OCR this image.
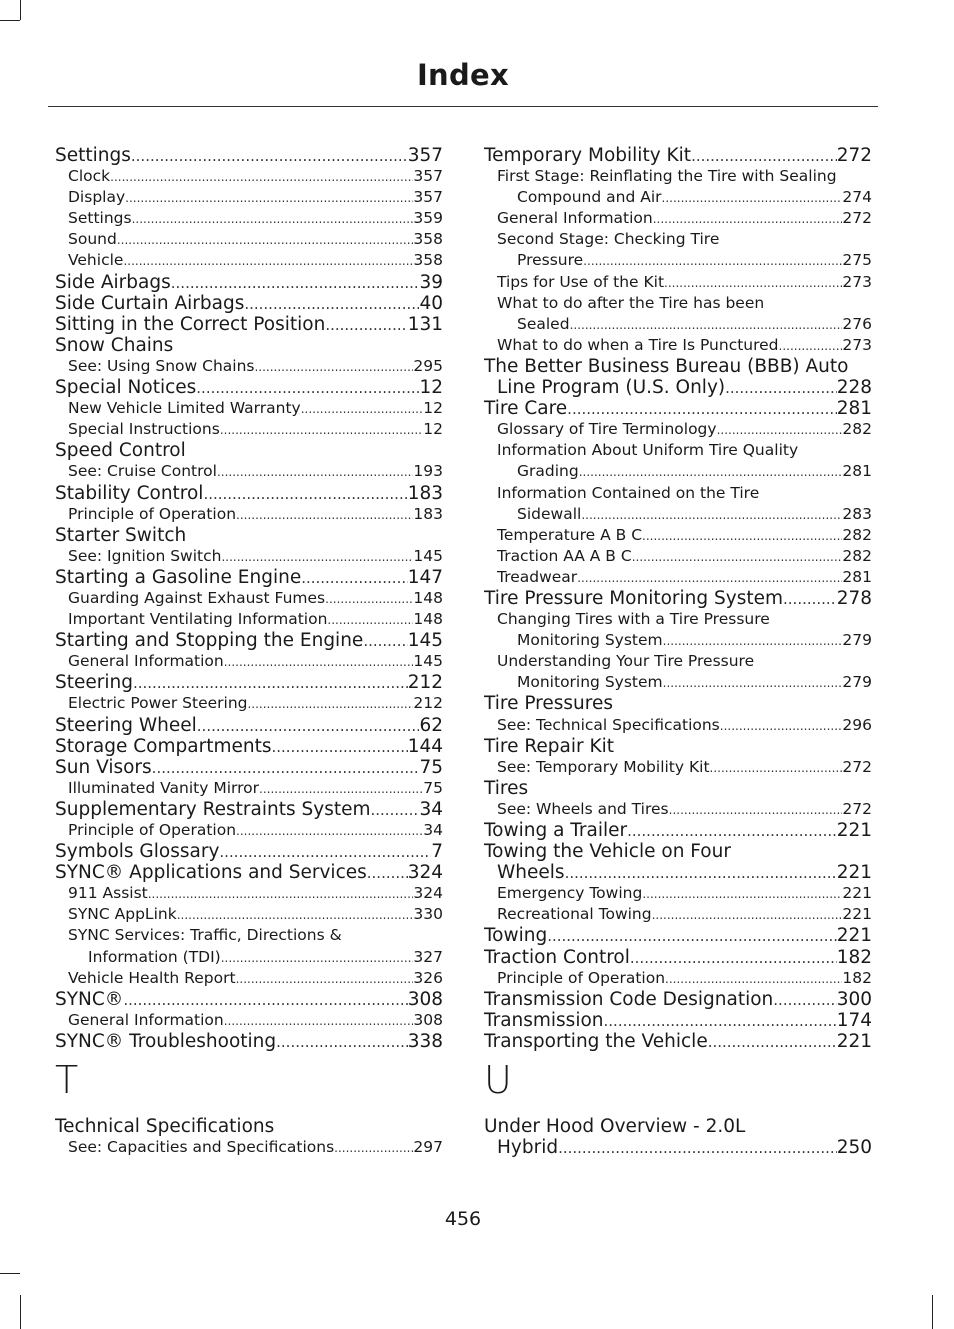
Index
Settings .....	357
Clock .....	357
Display .....	357
Settings .....	359
Sound .....	358
Vehicle .....	358
Side Airbags .....	39
Side Curtain Airbags .....	40
Sitting in the Correct Position .....	131
Snow Chains
See: Using Snow Chains .....	295
Special Notices .....	12
New Vehicle Limited Warranty .....	12
Special Instructions .....	12
Speed Control
See: Cruise Control .....	193
Stability Control .....	183
Principle of Operation .....	183
Starter Switch
See: Ignition Switch .....	145
Starting a Gasoline Engine .....	147
Guarding Against Exhaust Fumes .....	148
Important Ventilating Information .....	148
Starting and Stopping the Engine ..... 145
General Information .....	145
Steering .....	212
Electric Power Steering .....	212
Steering Wheel .....	62
Storage Compartments .....	144
Sun Visors .....	75
Illuminated Vanity Mirror .....	75
Supplementary Restraints System .....	34
Principle of Operation .....	34
Symbols Glossary .....	7
SYNC® Applications and Services ..... 324
911 Assist .....	324
SYNC AppLink .....	330
SYNC Services: Traffic, Directions &
Information (TDI) .....	327
Vehicle Health Report .....	326
SYNC® .....	308
General Information .....	308
SYNC® Troubleshooting .....	338
T
Technical Specifications
See: Capacities and Specifications .....	297
Temporary Mobility Kit .....	272
First Stage: Reinflating the Tire with Sealing
Compound and Air .....	274
General Information .....	272
Second Stage: Checking Tire
Pressure .....	275
Tips for Use of the Kit .....	273
What to do after the Tire has been
Sealed .....	276
What to do when a Tire Is Punctured .....	273
The Better Business Bureau (BBB) Auto
Line Program (U.S. Only) .....	228
Tire Care .....	281
Glossary of Tire Terminology .....	282
Information About Uniform Tire Quality
Grading .....	281
Information Contained on the Tire
Sidewall .....	283
Temperature A B C .....	282
Traction AA A B C .....	282
Treadwear .....	281
Tire Pressure Monitoring System .....	278
Changing Tires with a Tire Pressure
Monitoring System .....	279
Understanding Your Tire Pressure
Monitoring System .....	279
Tire Pressures
See: Technical Specifications .....	296
Tire Repair Kit
See: Temporary Mobility Kit .....	272
Tires
See: Wheels and Tires .....	272
Towing a Trailer .....	221
Towing the Vehicle on Four
Wheels .....	221
Emergency Towing .....	221
Recreational Towing .....	221
Towing .....	221
Traction Control .....	182
Principle of Operation .....	182
Transmission Code Designation .....	300
Transmission .....	174
Transporting the Vehicle .....	221
U
Under Hood Overview - 2.0L
Hybrid .....	250
456
